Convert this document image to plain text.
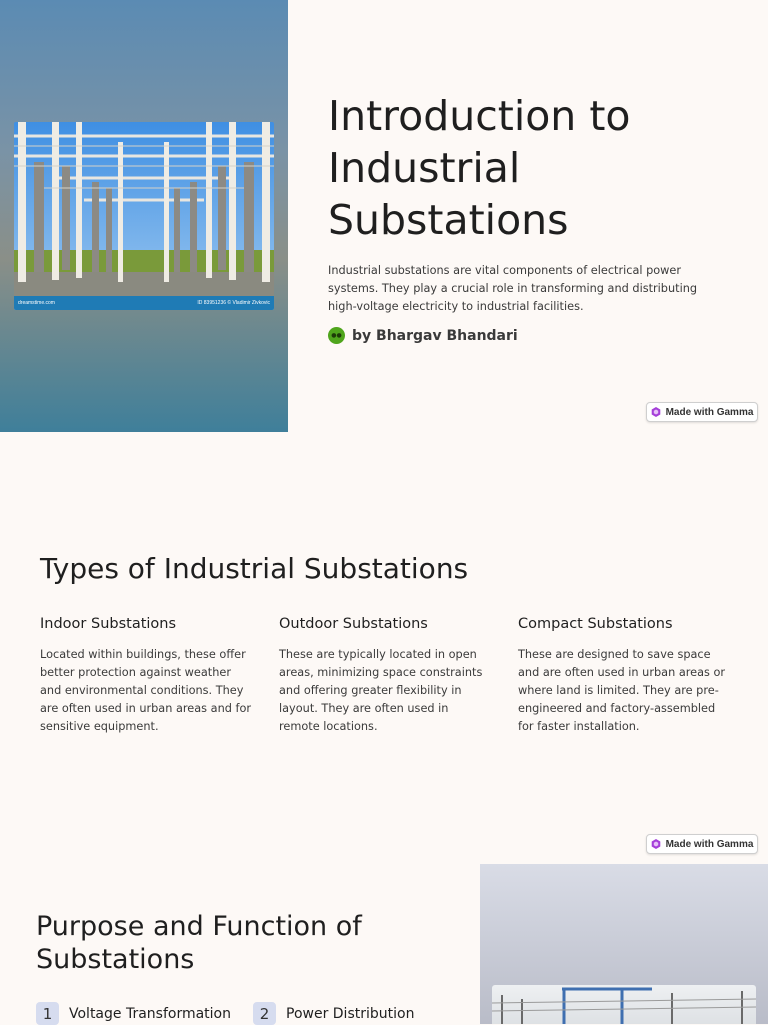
dreamstime.com	ID 83951236 © Vladimir Zivkovic
Introduction to Industrial Substations

Industrial substations are vital components of electrical power systems. They play a crucial role in transforming and distributing high-voltage electricity to industrial facilities.

●● by Bhargav Bhandari
Made with Gamma
Types of Industrial Substations
Indoor Substations

Located within buildings, these offer better protection against weather and environmental conditions. They are often used in urban areas and for sensitive equipment.

Outdoor Substations

These are typically located in open areas, minimizing space constraints and offering greater flexibility in layout. They are often used in remote locations.

Compact Substations

These are designed to save space and are often used in urban areas or where land is limited. They are pre-engineered and factory-assembled for faster installation.

Made with Gamma
Purpose and Function of Substations
1	Voltage Transformation	2	Power Distribution
